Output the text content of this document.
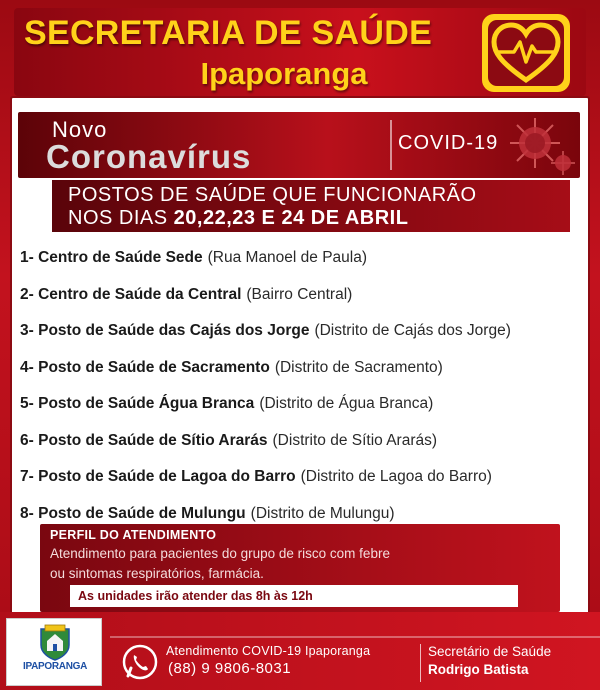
SECRETARIA DE SAÚDE
Ipaporanga
Novo
Coronavírus	COVID-19
POSTOS DE SAÚDE QUE FUNCIONARÃO
NOS DIAS 20,22,23 E 24 DE ABRIL
1-
Centro de Saúde Sede (Rua Manoel de Paula)
2-
Centro de Saúde da Central (Bairro Central)
3-
Posto de Saúde das Cajás dos Jorge (Distrito de Cajás dos Jorge)
4-
Posto de Saúde de Sacramento (Distrito de Sacramento)
5-
Posto de Saúde Água Branca (Distrito de Água Branca)
6-
Posto de Saúde de Sítio Ararás (Distrito de Sítio Ararás)
7-
Posto de Saúde de Lagoa do Barro (Distrito de Lagoa do Barro)
8-
Posto de Saúde de Mulungu (Distrito de Mulungu)
PERFIL DO ATENDIMENTO
Atendimento para pacientes do grupo de risco com febre
ou sintomas respiratórios, farmácia.
As unidades irão atender das 8h às 12h
IPAPORANGA
Atendimento COVID-19 Ipaporanga
(88) 9 9806-8031
Secretário de Saúde
Rodrigo Batista
